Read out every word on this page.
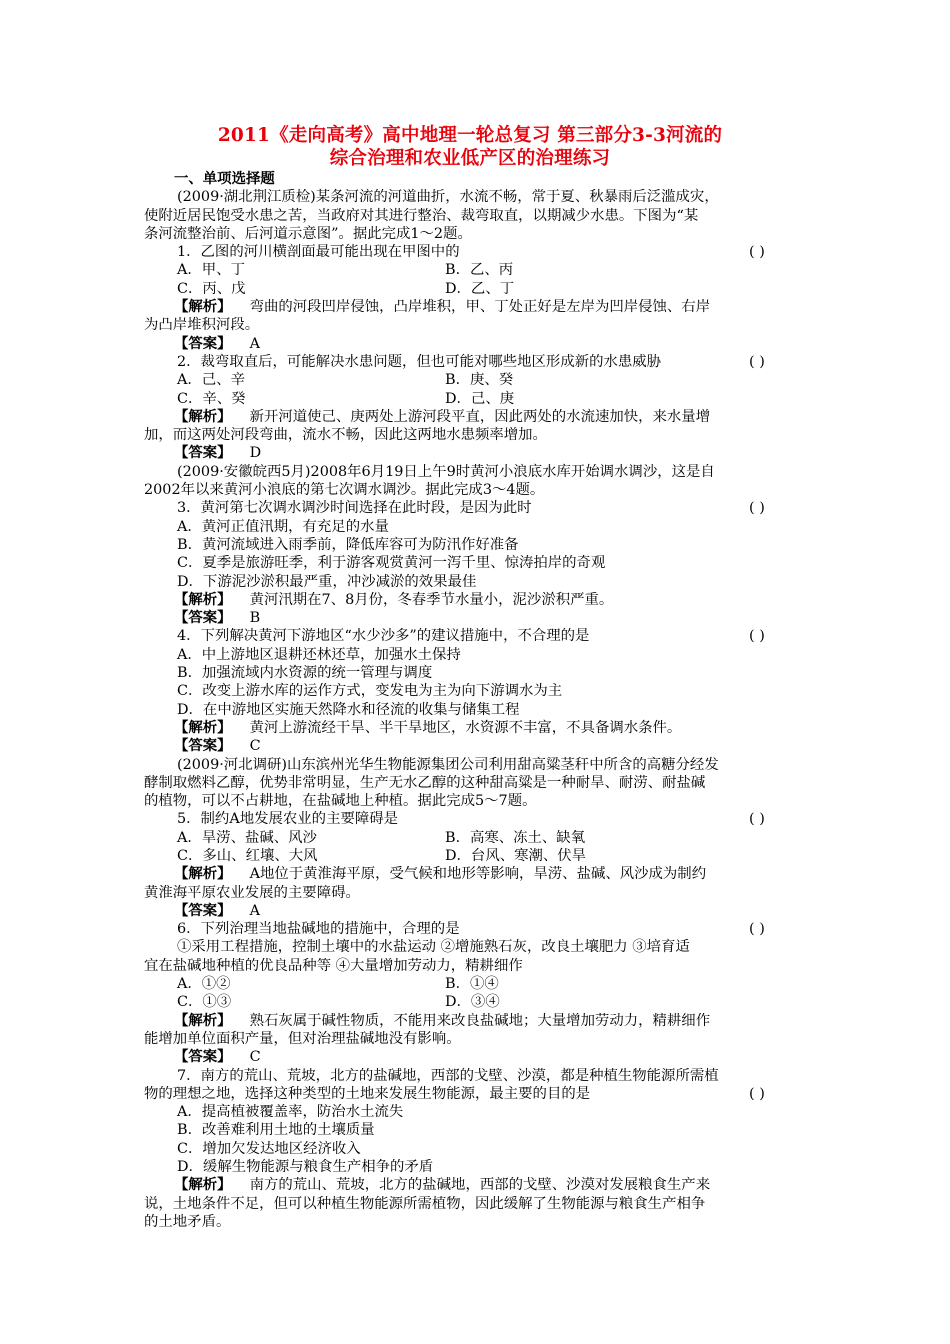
2011《走向高考》高中地理一轮总复习 第三部分3-3河流的
综合治理和农业低产区的治理练习
一、单项选择题
(2009·湖北荆江质检)某条河流的河道曲折，水流不畅，常于夏、秋暴雨后泛滥成灾，
使附近居民饱受水患之苦，当政府对其进行整治、裁弯取直，以期减少水患。下图为“某
条河流整治前、后河道示意图”。据此完成1～2题。
1．乙图的河川横剖面最可能出现在甲图中的	( )
A．甲、丁	B．乙、丙
C．丙、戊	D．乙、丁
【解析】 弯曲的河段凹岸侵蚀，凸岸堆积，甲、丁处正好是左岸为凹岸侵蚀、右岸
为凸岸堆积河段。
【答案】 A
2．裁弯取直后，可能解决水患问题，但也可能对哪些地区形成新的水患威胁	( )
A．己、辛	B．庚、癸
C．辛、癸	D．己、庚
【解析】 新开河道使己、庚两处上游河段平直，因此两处的水流速加快，来水量增
加，而这两处河段弯曲，流水不畅，因此这两地水患频率增加。
【答案】 D
(2009·安徽皖西5月)2008年6月19日上午9时黄河小浪底水库开始调水调沙，这是自
2002年以来黄河小浪底的第七次调水调沙。据此完成3～4题。
3．黄河第七次调水调沙时间选择在此时段，是因为此时	( )
A．黄河正值汛期，有充足的水量
B．黄河流域进入雨季前，降低库容可为防汛作好准备
C．夏季是旅游旺季，利于游客观赏黄河一泻千里、惊涛拍岸的奇观
D．下游泥沙淤积最严重，冲沙减淤的效果最佳
【解析】 黄河汛期在7、8月份，冬春季节水量小，泥沙淤积严重。
【答案】 B
4．下列解决黄河下游地区“水少沙多”的建议措施中，不合理的是	( )
A．中上游地区退耕还林还草，加强水土保持
B．加强流域内水资源的统一管理与调度
C．改变上游水库的运作方式，变发电为主为向下游调水为主
D．在中游地区实施天然降水和径流的收集与储集工程
【解析】 黄河上游流经干旱、半干旱地区，水资源不丰富，不具备调水条件。
【答案】 C
(2009·河北调研)山东滨州光华生物能源集团公司利用甜高粱茎秆中所含的高糖分经发
酵制取燃料乙醇，优势非常明显，生产无水乙醇的这种甜高粱是一种耐旱、耐涝、耐盐碱
的植物，可以不占耕地，在盐碱地上种植。据此完成5～7题。
5．制约A地发展农业的主要障碍是	( )
A．旱涝、盐碱、风沙	B．高寒、冻土、缺氧
C．多山、红壤、大风	D．台风、寒潮、伏旱
【解析】 A地位于黄淮海平原，受气候和地形等影响，旱涝、盐碱、风沙成为制约
黄淮海平原农业发展的主要障碍。
【答案】 A
6．下列治理当地盐碱地的措施中，合理的是	( )
①采用工程措施，控制土壤中的水盐运动 ②增施熟石灰，改良土壤肥力 ③培育适
宜在盐碱地种植的优良品种等 ④大量增加劳动力，精耕细作
A．①②	B．①④
C．①③	D．③④
【解析】 熟石灰属于碱性物质，不能用来改良盐碱地；大量增加劳动力，精耕细作
能增加单位面积产量，但对治理盐碱地没有影响。
【答案】 C
7．南方的荒山、荒坡，北方的盐碱地，西部的戈壁、沙漠，都是种植生物能源所需植
物的理想之地，选择这种类型的土地来发展生物能源，最主要的目的是	( )
A．提高植被覆盖率，防治水土流失
B．改善难利用土地的土壤质量
C．增加欠发达地区经济收入
D．缓解生物能源与粮食生产相争的矛盾
【解析】 南方的荒山、荒坡，北方的盐碱地，西部的戈壁、沙漠对发展粮食生产来
说，土地条件不足，但可以种植生物能源所需植物，因此缓解了生物能源与粮食生产相争
的土地矛盾。
